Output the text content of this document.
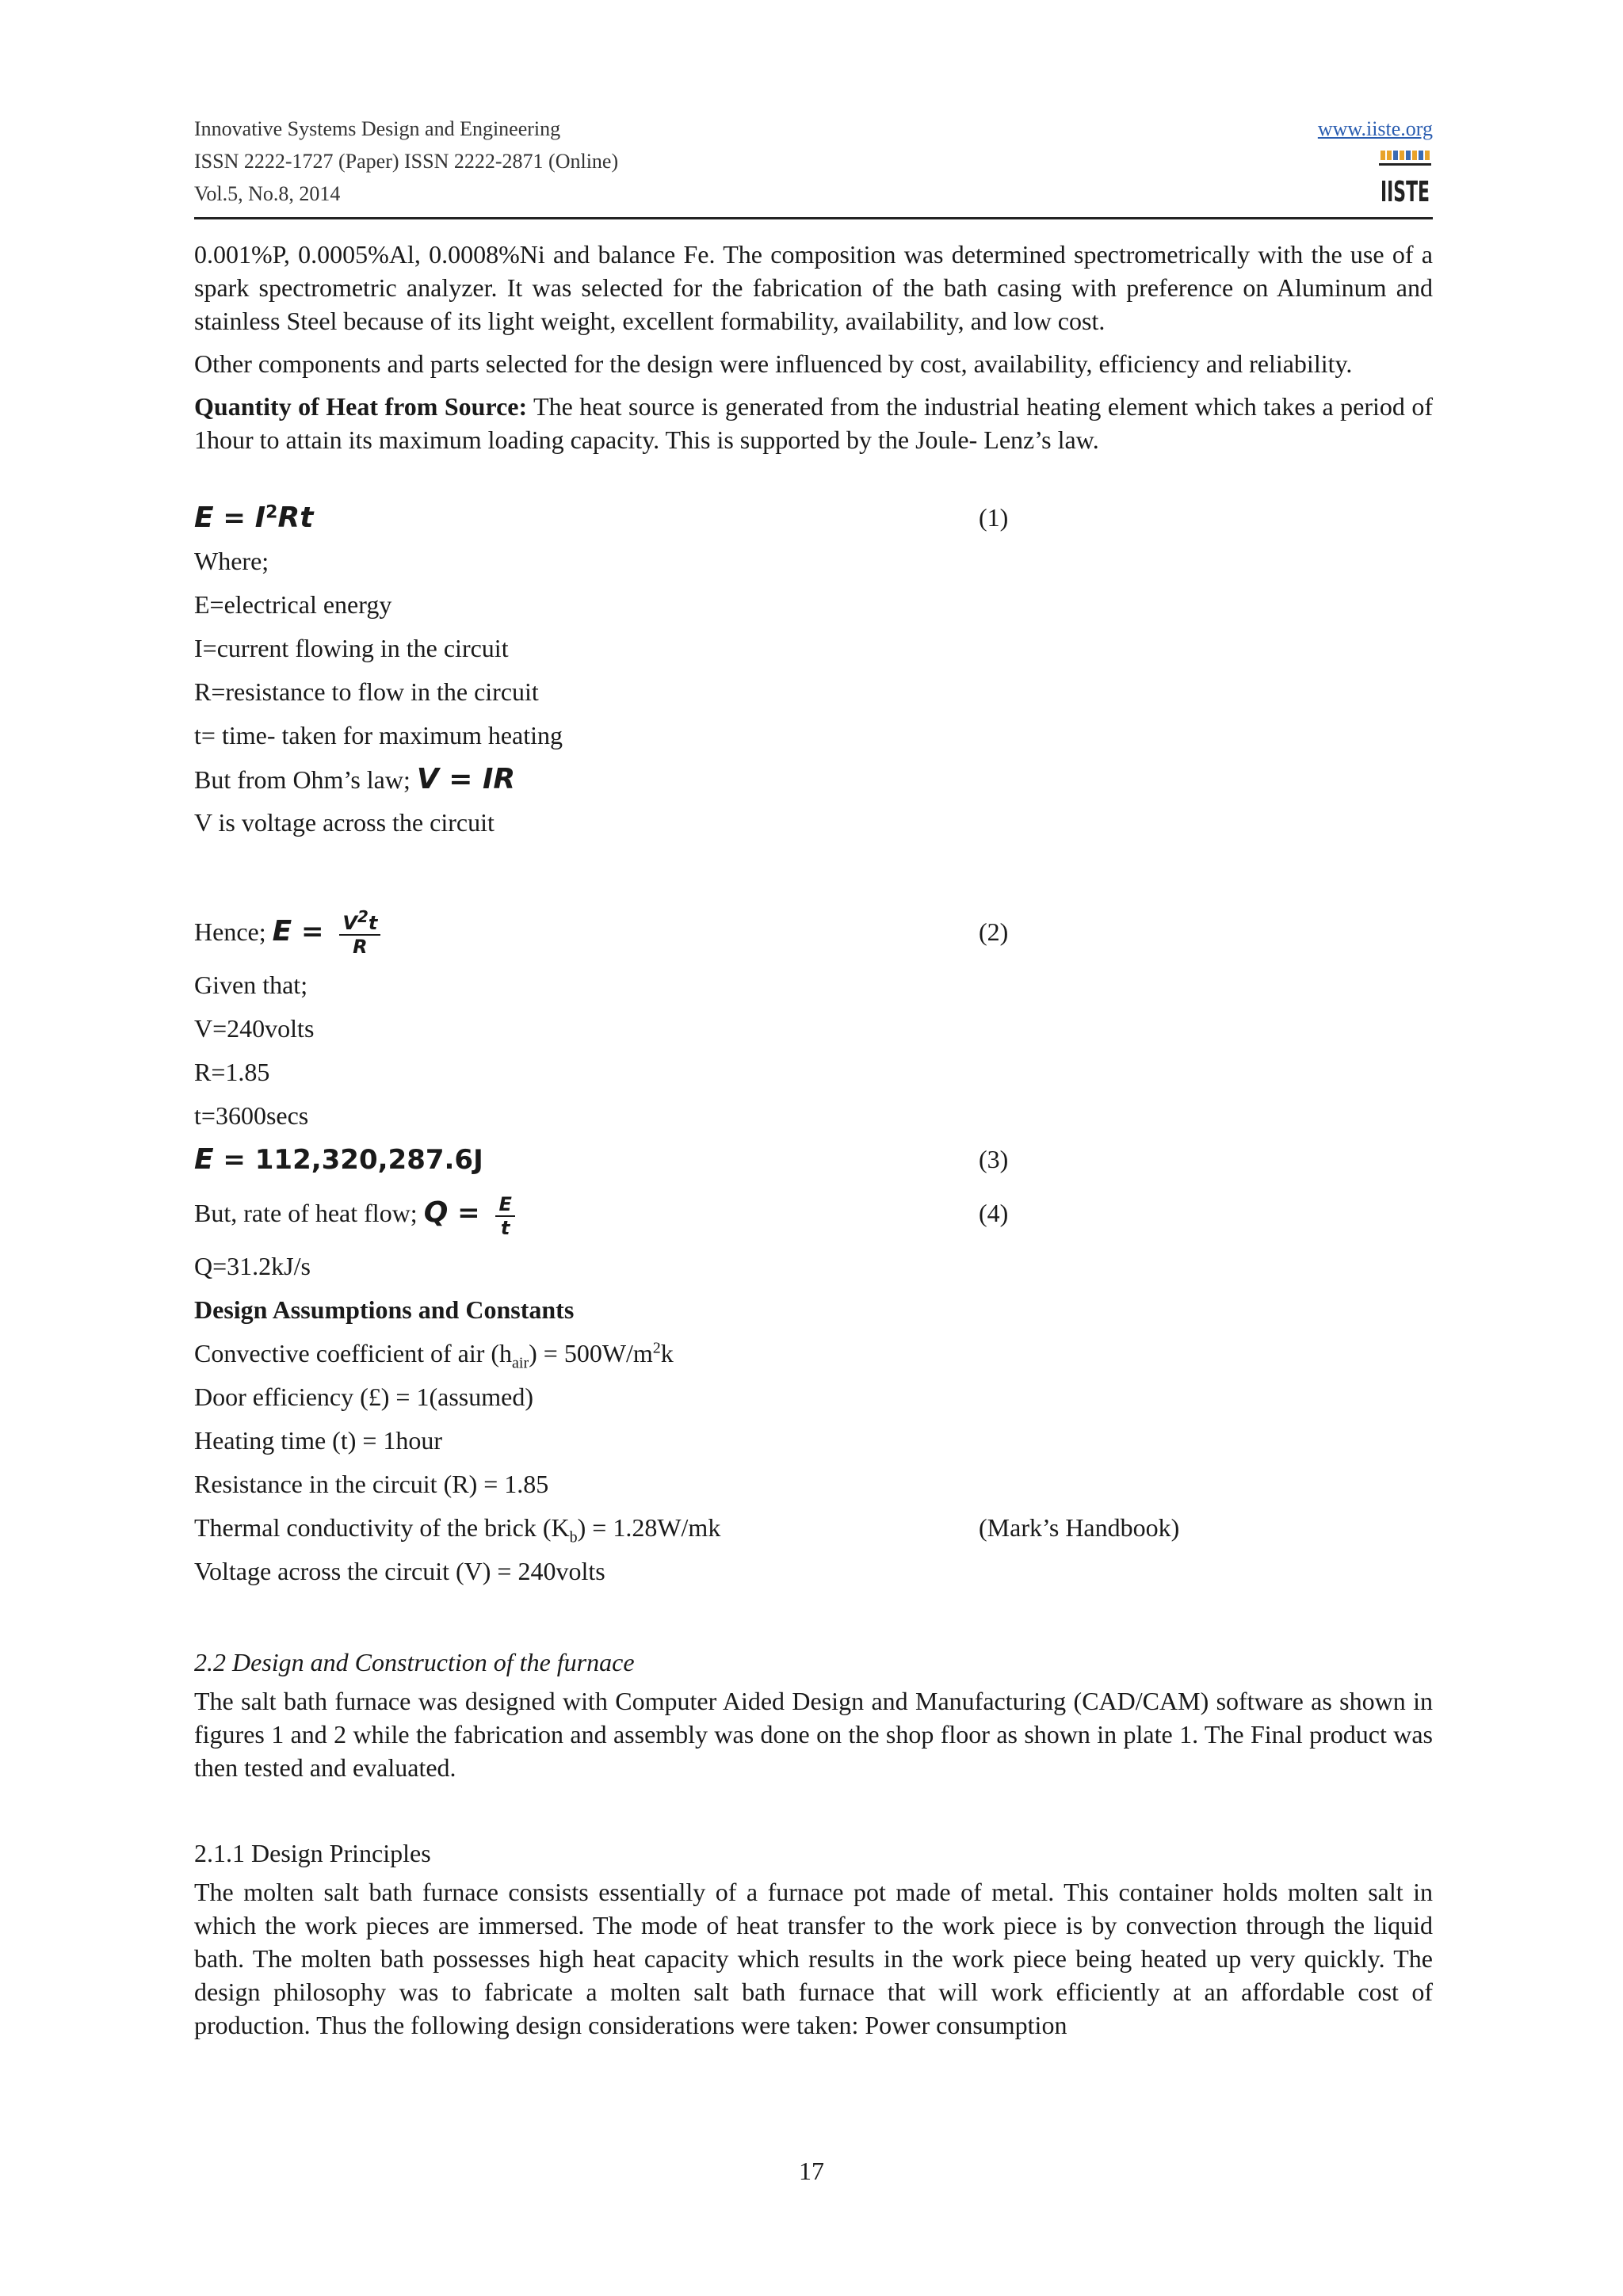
Innovative Systems Design and Engineering
ISSN 2222-1727 (Paper) ISSN 2222-2871 (Online)
Vol.5, No.8, 2014
www.iiste.org
IISTE

0.001%P, 0.0005%Al, 0.0008%Ni and balance Fe. The composition was determined spectrometrically with the use of a spark spectrometric analyzer. It was selected for the fabrication of the bath casing with preference on Aluminum and stainless Steel because of its light weight, excellent formability, availability, and low cost.

Other components and parts selected for the design were influenced by cost, availability, efficiency and reliability.

Quantity of Heat from Source: The heat source is generated from the industrial heating element which takes a period of 1hour to attain its maximum loading capacity. This is supported by the Joule- Lenz’s law.

$E = I^2Rt$	(1)
Where;
E=electrical energy
I=current flowing in the circuit
R=resistance to flow in the circuit
t= time- taken for maximum heating
But from Ohm’s law; V = IR
V is voltage across the circuit
Hence; $E = \frac{V^2t}{R}$	(2)
Given that;
V=240volts
R=1.85
t=3600secs
E = 112,320,287.6J	(3)
But, rate of heat flow; $Q = \frac{E}{t}$	(4)
Q=31.2kJ/s
Design Assumptions and Constants
Convective coefficient of air $(h_{air}) = 500W/m^2k$
Door efficiency (£) = 1(assumed)
Heating time (t) = 1hour
Resistance in the circuit (R) = 1.85
Thermal conductivity of the brick $(K_b) = 1.28W/mk$	(Mark’s Handbook)
Voltage across the circuit (V) = 240volts
2.2 Design and Construction of the furnace

The salt bath furnace was designed with Computer Aided Design and Manufacturing (CAD/CAM) software as shown in figures 1 and 2 while the fabrication and assembly was done on the shop floor as shown in plate 1. The Final product was then tested and evaluated.

2.1.1 Design Principles

The molten salt bath furnace consists essentially of a furnace pot made of metal. This container holds molten salt in which the work pieces are immersed. The mode of heat transfer to the work piece is by convection through the liquid bath. The molten bath possesses high heat capacity which results in the work piece being heated up very quickly. The design philosophy was to fabricate a molten salt bath furnace that will work efficiently at an affordable cost of production. Thus the following design considerations were taken: Power consumption

17
